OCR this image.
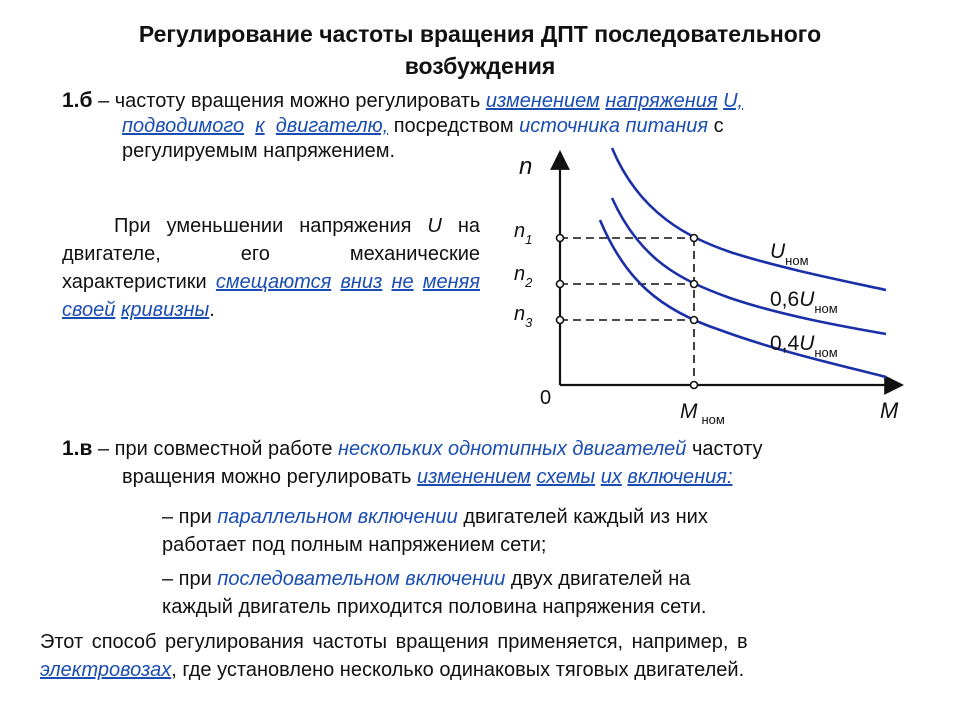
Регулирование частоты вращения ДПТ последовательного
возбуждения
1.б – частоту вращения можно регулировать изменением напряжения U,
подводимого к двигателю, посредством источника питания с
регулируемым напряжением.
При уменьшении напряжения U на двигателе, его механические характеристики смещаются вниз не меняя своей кривизны.
n
M
0
$n_1$
$n_2$
$n_3$
M $_{ном}$
$U_{ном}$
$0,6U_{ном}$
$0,4U_{ном}$
1.в – при совместной работе нескольких однотипных двигателей частоту
вращения можно регулировать изменением схемы их включения:
– при параллельном включении двигателей каждый из них
работает под полным напряжением сети;
– при последовательном включении двух двигателей на
каждый двигатель приходится половина напряжения сети.
Этот способ регулирования частоты вращения применяется, например, в
электровозах, где установлено несколько одинаковых тяговых двигателей.
